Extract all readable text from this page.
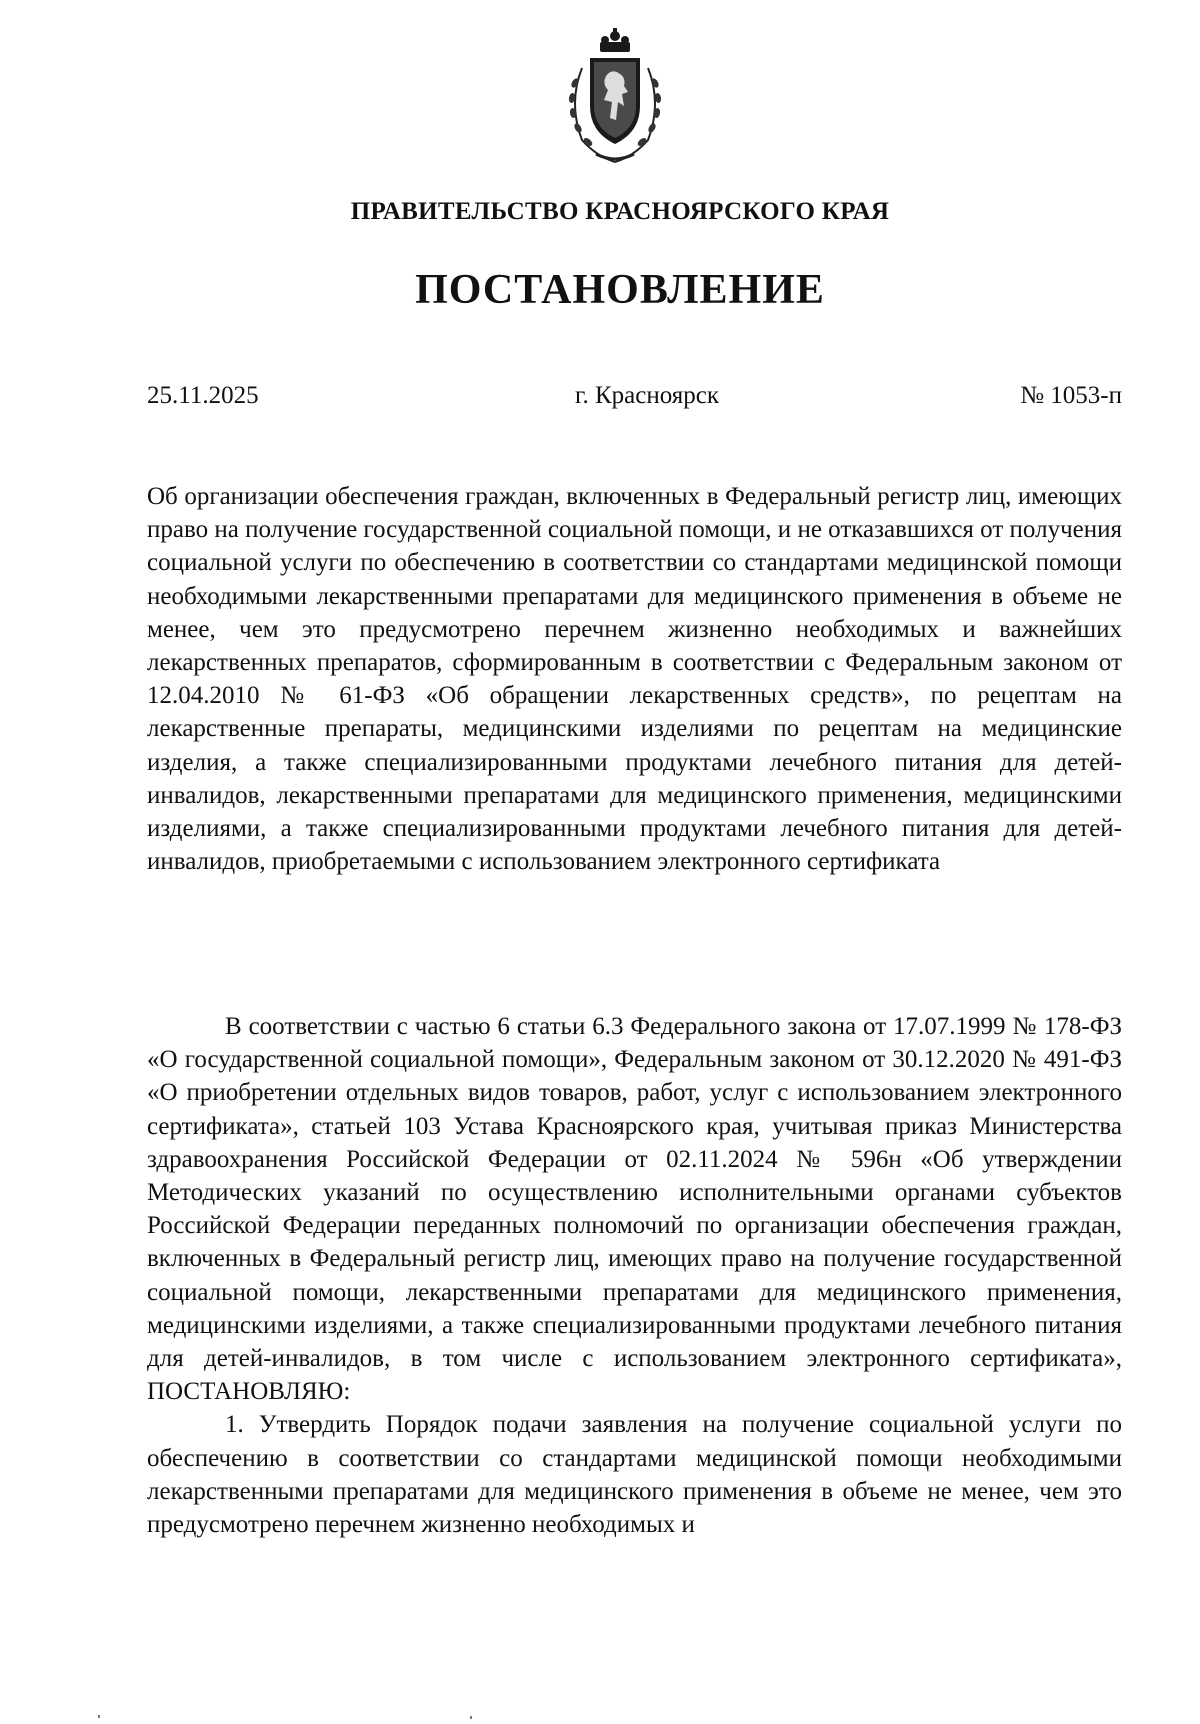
ПРАВИТЕЛЬСТВО КРАСНОЯРСКОГО КРАЯ
ПОСТАНОВЛЕНИЕ
25.11.2025	г. Красноярск	№ 1053-п
Об организации обеспечения граждан, включенных в Федеральный регистр лиц, имеющих право на получение государственной социальной помощи, и не отказавшихся от получения социальной услуги по обеспечению в соответствии со стандартами медицинской помощи необходимыми лекарственными препаратами для медицинского применения в объеме не менее, чем это предусмотрено перечнем жизненно необходимых и важнейших лекарственных препаратов, сформированным в соответствии с Федеральным законом от 12.04.2010 № 61-ФЗ «Об обращении лекарственных средств», по рецептам на лекарственные препараты, медицинскими изделиями по рецептам на медицинские изделия, а также специализированными продуктами лечебного питания для детей-инвалидов, лекарственными препаратами для медицинского применения, медицинскими изделиями, а также специализированными продуктами лечебного питания для детей-инвалидов, приобретаемыми с использованием электронного сертификата

В соответствии с частью 6 статьи 6.3 Федерального закона от 17.07.1999 № 178-ФЗ «О государственной социальной помощи», Федеральным законом от 30.12.2020 № 491-ФЗ «О приобретении отдельных видов товаров, работ, услуг с использованием электронного сертификата», статьей 103 Устава Красноярского края, учитывая приказ Министерства здравоохранения Российской Федерации от 02.11.2024 № 596н «Об утверждении Методических указаний по осуществлению исполнительными органами субъектов Российской Федерации переданных полномочий по организации обеспечения граждан, включенных в Федеральный регистр лиц, имеющих право на получение государственной социальной помощи, лекарственными препаратами для медицинского применения, медицинскими изделиями, а также специализированными продуктами лечебного питания для детей-инвалидов, в том числе с использованием электронного сертификата», ПОСТАНОВЛЯЮ:

1. Утвердить Порядок подачи заявления на получение социальной услуги по обеспечению в соответствии со стандартами медицинской помощи необходимыми лекарственными препаратами для медицинского применения в объеме не менее, чем это предусмотрено перечнем жизненно необходимых и
